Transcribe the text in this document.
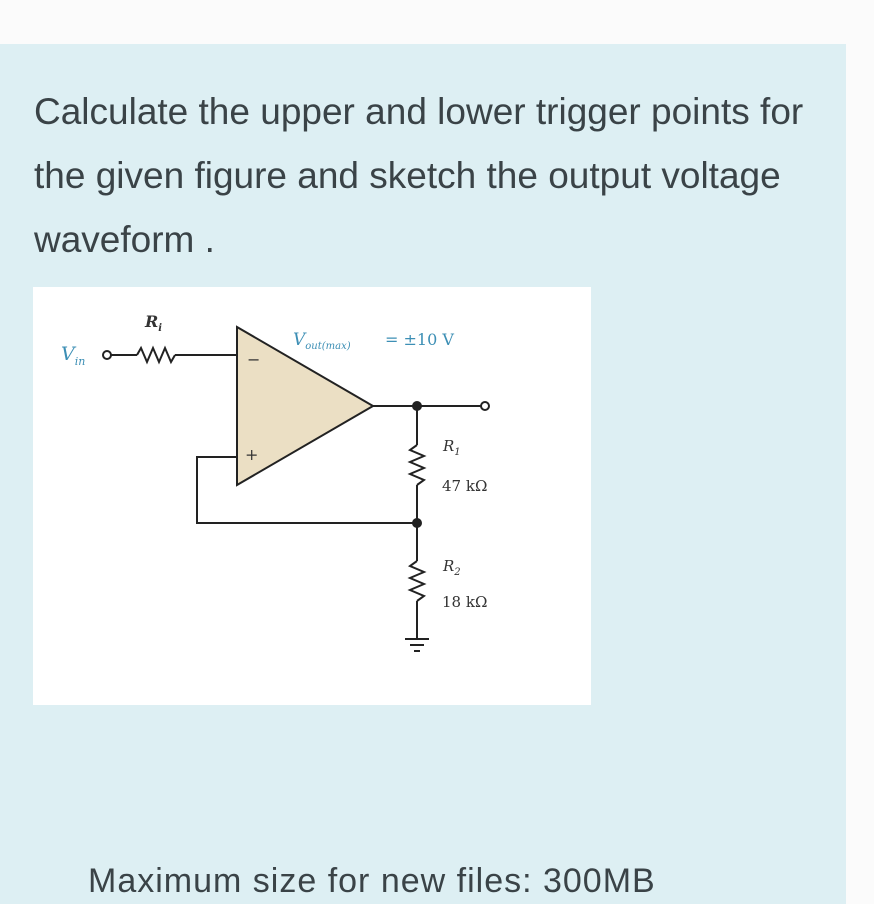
Calculate the upper and lower trigger points for the given figure and sketch the output voltage waveform .

−
+
$V_{in}$
$R_i$
$V_{out(max)} = \pm 10$ V
$R_1$
47 kΩ
$R_2$
18 kΩ
Maximum size for new files: 300MB
